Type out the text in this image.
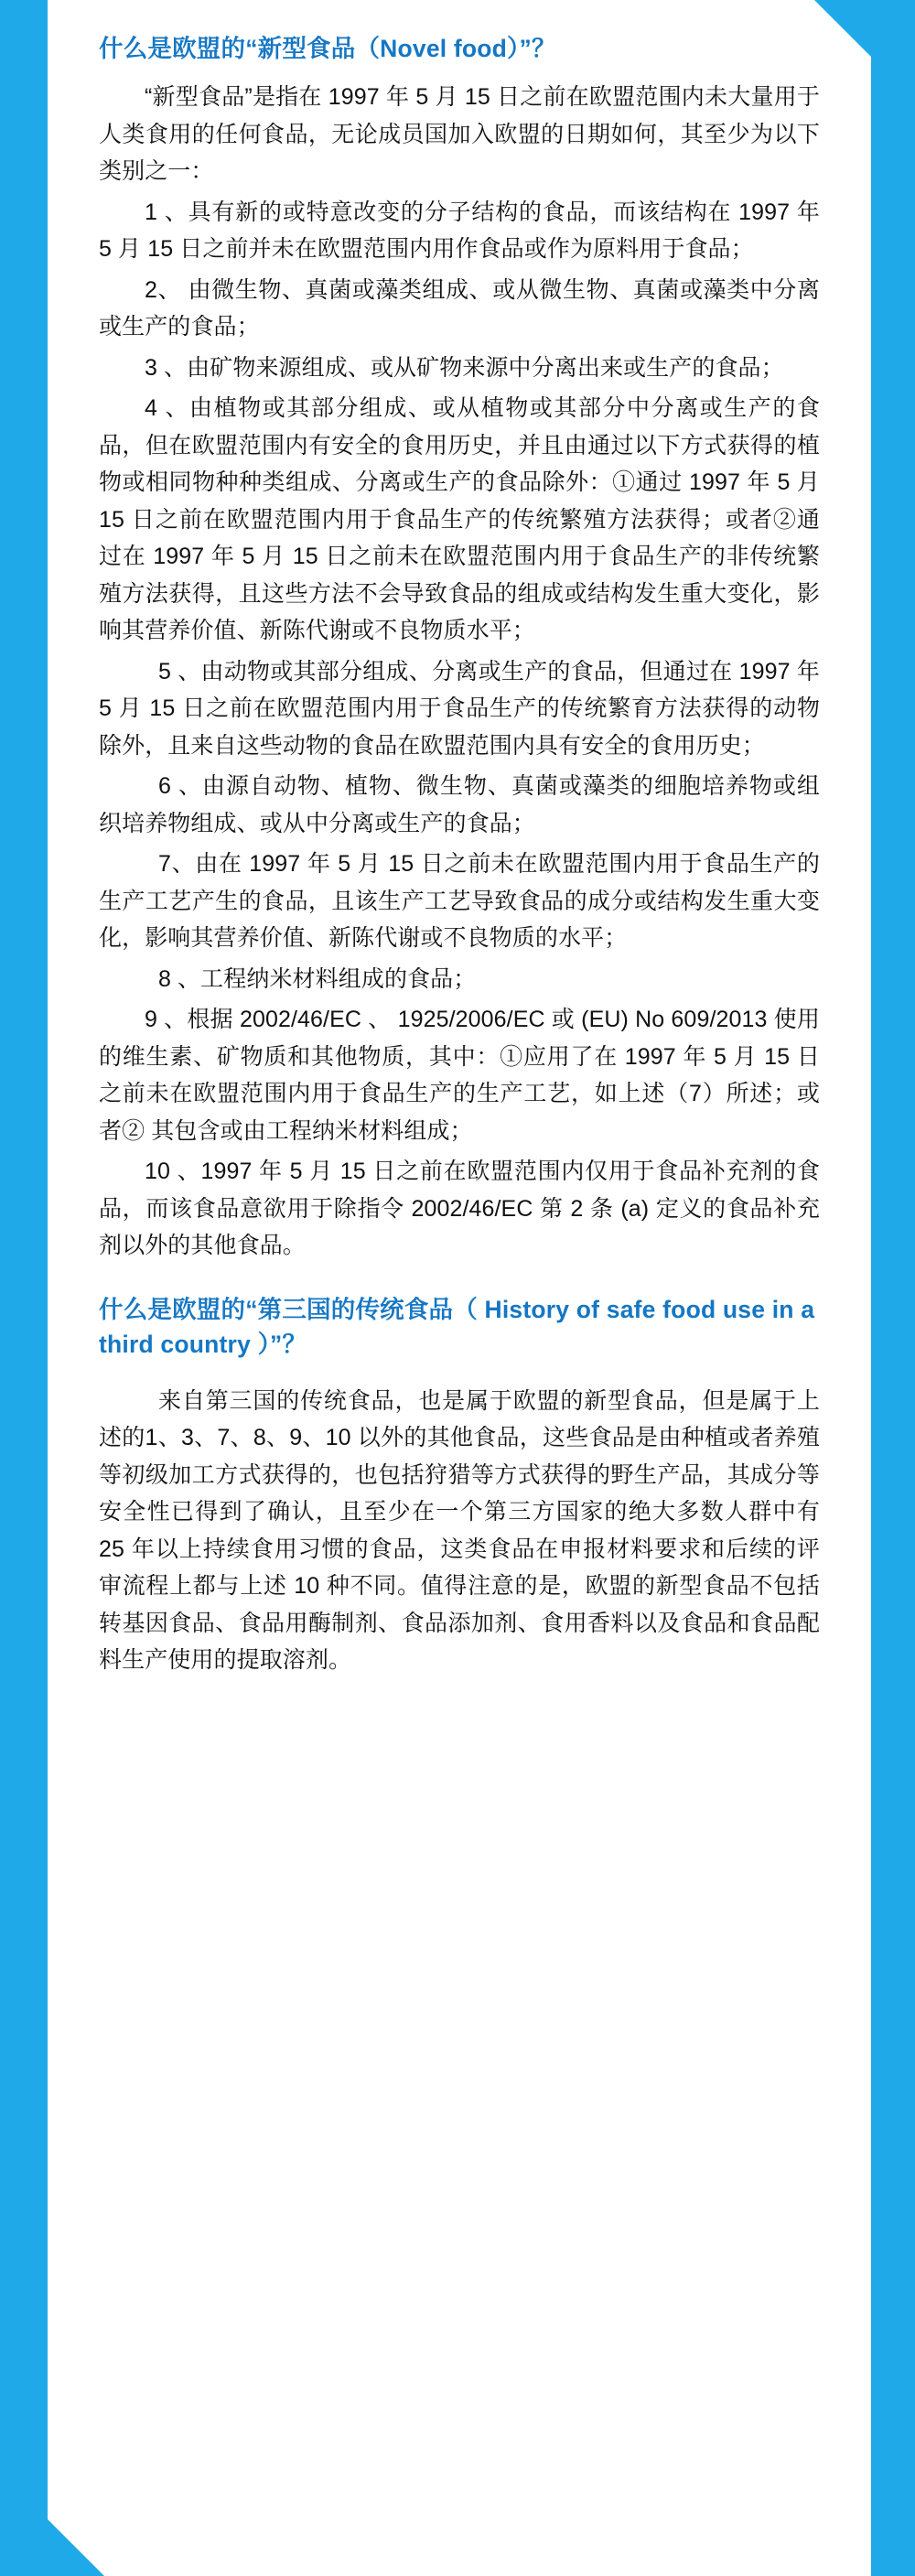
什么是欧盟的“新型食品（Novel food）”？

“新型食品”是指在 1997 年 5 月 15 日之前在欧盟范围内未大量用于人类食用的任何食品，无论成员国加入欧盟的日期如何，其至少为以下类别之一：

1 、具有新的或特意改变的分子结构的食品，而该结构在 1997 年 5 月 15 日之前并未在欧盟范围内用作食品或作为原料用于食品；

2、 由微生物、真菌或藻类组成、或从微生物、真菌或藻类中分离或生产的食品；

3 、由矿物来源组成、或从矿物来源中分离出来或生产的食品；

4 、由植物或其部分组成、或从植物或其部分中分离或生产的食品，但在欧盟范围内有安全的食用历史，并且由通过以下方式获得的植物或相同物种种类组成、分离或生产的食品除外：①通过 1997 年 5 月 15 日之前在欧盟范围内用于食品生产的传统繁殖方法获得；或者②通过在 1997 年 5 月 15 日之前未在欧盟范围内用于食品生产的非传统繁殖方法获得，且这些方法不会导致食品的组成或结构发生重大变化，影响其营养价值、新陈代谢或不良物质水平；

5 、由动物或其部分组成、分离或生产的食品，但通过在 1997 年 5 月 15 日之前在欧盟范围内用于食品生产的传统繁育方法获得的动物除外，且来自这些动物的食品在欧盟范围内具有安全的食用历史；

6 、由源自动物、植物、微生物、真菌或藻类的细胞培养物或组织培养物组成、或从中分离或生产的食品；

7、由在 1997 年 5 月 15 日之前未在欧盟范围内用于食品生产的生产工艺产生的食品，且该生产工艺导致食品的成分或结构发生重大变化，影响其营养价值、新陈代谢或不良物质的水平；

8 、工程纳米材料组成的食品；

9 、根据 2002/46/EC 、 1925/2006/EC 或 (EU) No 609/2013 使用的维生素、矿物质和其他物质，其中：①应用了在 1997 年 5 月 15 日之前未在欧盟范围内用于食品生产的生产工艺，如上述（7）所述；或者② 其包含或由工程纳米材料组成；

10 、1997 年 5 月 15 日之前在欧盟范围内仅用于食品补充剂的食品，而该食品意欲用于除指令 2002/46/EC 第 2 条 (a) 定义的食品补充剂以外的其他食品。

什么是欧盟的“第三国的传统食品（ History of safe food use in a third country ）”？

来自第三国的传统食品，也是属于欧盟的新型食品，但是属于上述的1、3、7、8、9、10 以外的其他食品，这些食品是由种植或者养殖等初级加工方式获得的，也包括狩猎等方式获得的野生产品，其成分等安全性已得到了确认，且至少在一个第三方国家的绝大多数人群中有 25 年以上持续食用习惯的食品，这类食品在申报材料要求和后续的评审流程上都与上述 10 种不同。值得注意的是，欧盟的新型食品不包括转基因食品、食品用酶制剂、食品添加剂、食用香料以及食品和食品配料生产使用的提取溶剂。
